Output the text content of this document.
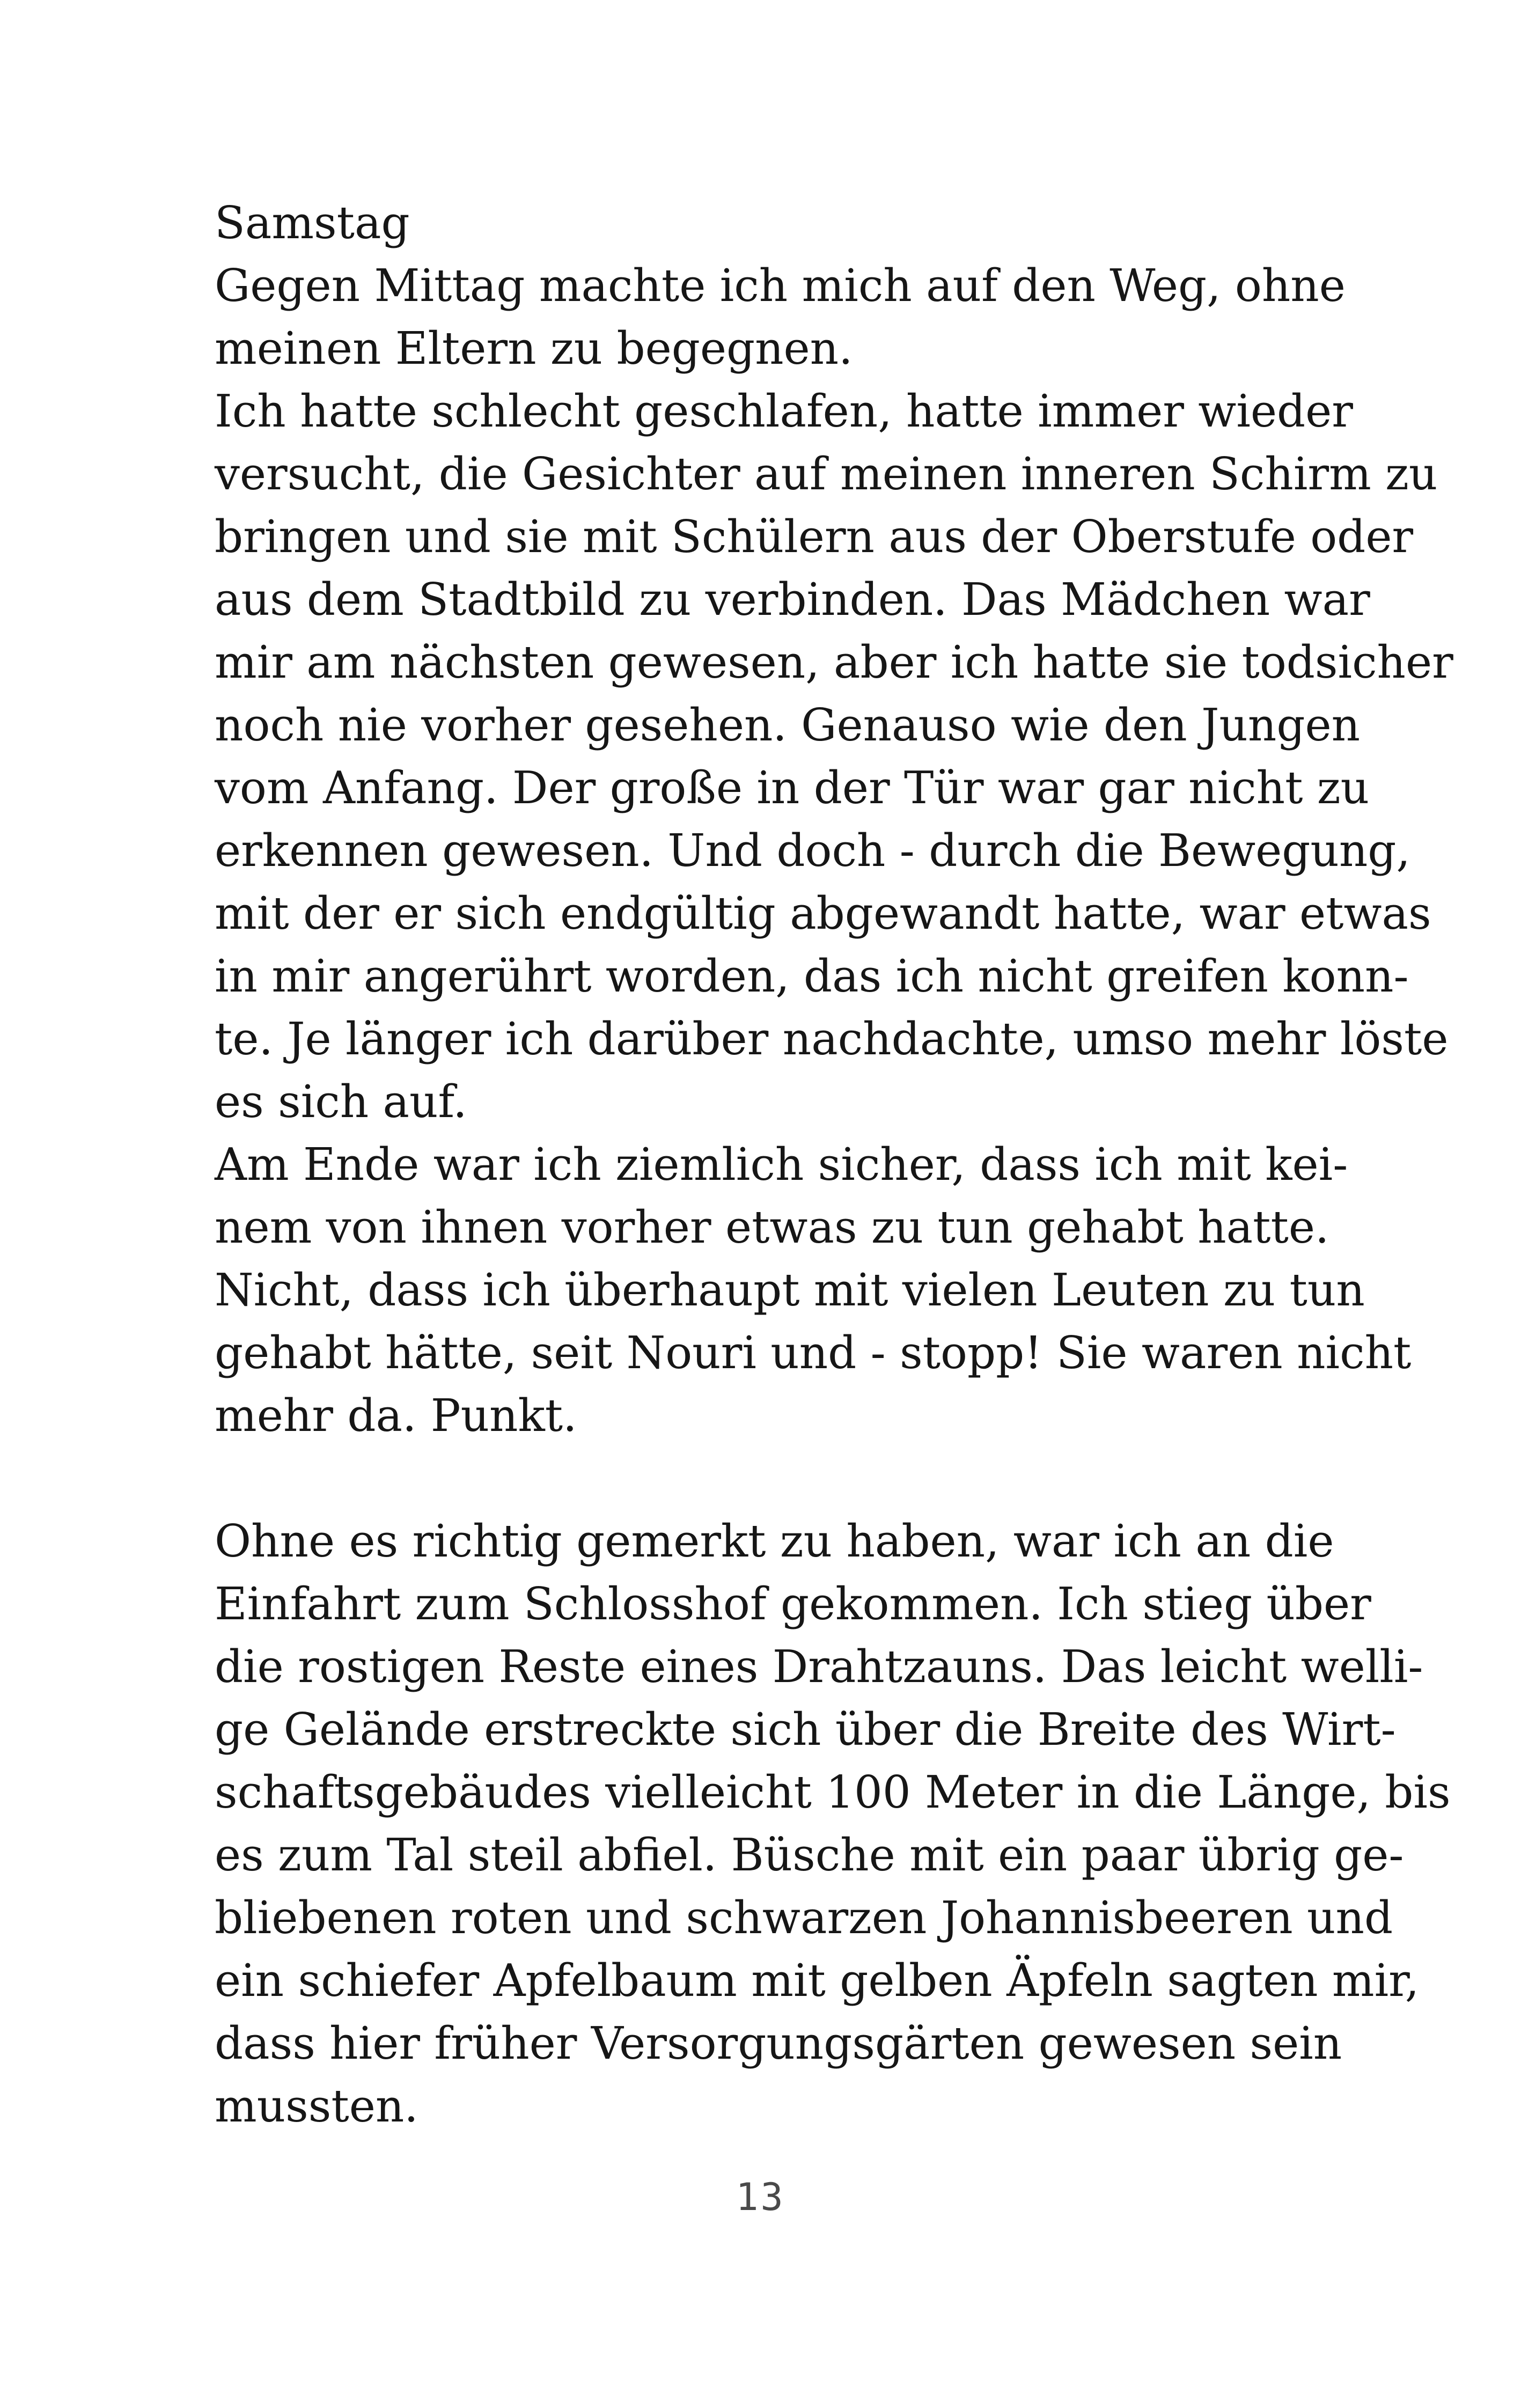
Samstag
Gegen Mittag machte ich mich auf den Weg, ohne
meinen Eltern zu begegnen.
Ich hatte schlecht geschlafen, hatte immer wieder
versucht, die Gesichter auf meinen inneren Schirm zu
bringen und sie mit Schülern aus der Oberstufe oder
aus dem Stadtbild zu verbinden. Das Mädchen war
mir am nächsten gewesen, aber ich hatte sie todsicher
noch nie vorher gesehen. Genauso wie den Jungen
vom Anfang. Der große in der Tür war gar nicht zu
erkennen gewesen. Und doch - durch die Bewegung,
mit der er sich endgültig abgewandt hatte, war etwas
in mir angerührt worden, das ich nicht greifen konn-
te. Je länger ich darüber nachdachte, umso mehr löste
es sich auf.
Am Ende war ich ziemlich sicher, dass ich mit kei-
nem von ihnen vorher etwas zu tun gehabt hatte.
Nicht, dass ich überhaupt mit vielen Leuten zu tun
gehabt hätte, seit Nouri und - stopp! Sie waren nicht
mehr da. Punkt.
Ohne es richtig gemerkt zu haben, war ich an die
Einfahrt zum Schlosshof gekommen. Ich stieg über
die rostigen Reste eines Drahtzauns. Das leicht welli-
ge Gelände erstreckte sich über die Breite des Wirt-
schaftsgebäudes vielleicht 100 Meter in die Länge, bis
es zum Tal steil abfiel. Büsche mit ein paar übrig ge-
bliebenen roten und schwarzen Johannisbeeren und
ein schiefer Apfelbaum mit gelben Äpfeln sagten mir,
dass hier früher Versorgungsgärten gewesen sein
mussten.
13
